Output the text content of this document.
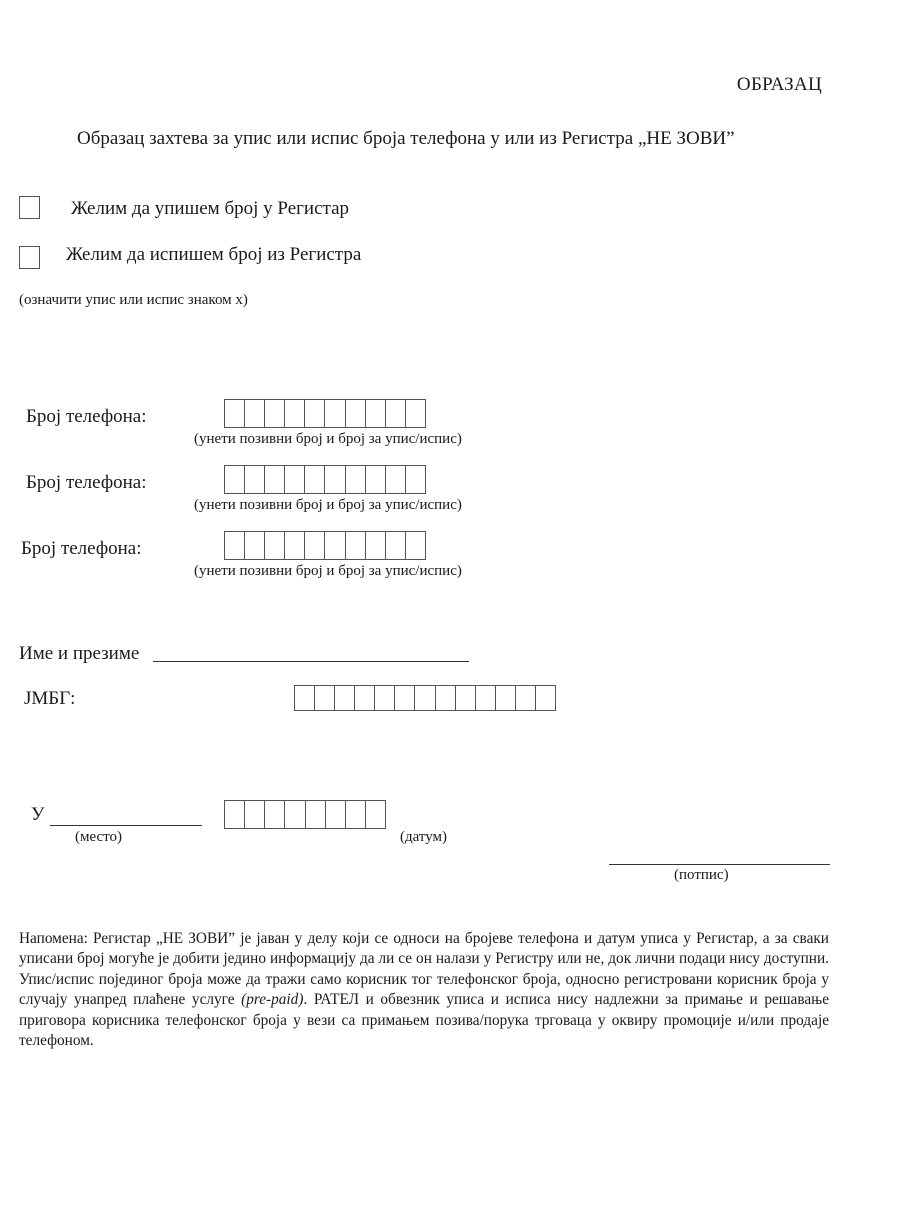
ОБРАЗАЦ
Образац захтева за упис или испис броја телефона у или из Регистра „НЕ ЗОВИ”
Желим да упишем број у Регистар
Желим да испишем број из Регистра
(означити упис или испис знаком x)
Број телефона:
(унети позивни број и број за упис/испис)
Број телефона:
(унети позивни број и број за упис/испис)
Број телефона:
(унети позивни број и број за упис/испис)
Име и презиме
ЈМБГ:
У
(место)	(датум)
(потпис)
Напомена: Регистар „НЕ ЗОВИ” је јаван у делу који се односи на бројеве телефона и датум уписа у Регистар, а за сваки уписани број могуће је добити једино информацију да ли се он налази у Регистру или не, док лични подаци нису доступни. Упис/испис појединог броја може да тражи само корисник тог телефонског броја, односно регистровани корисник броја у случају унапред плаћене услуге (pre-paid). РАТЕЛ и обвезник уписа и исписа нису надлежни за примање и решавање приговора корисника телефонског броја у вези са примањем позива/порука трговаца у оквиру промоције и/или продаје телефоном.
